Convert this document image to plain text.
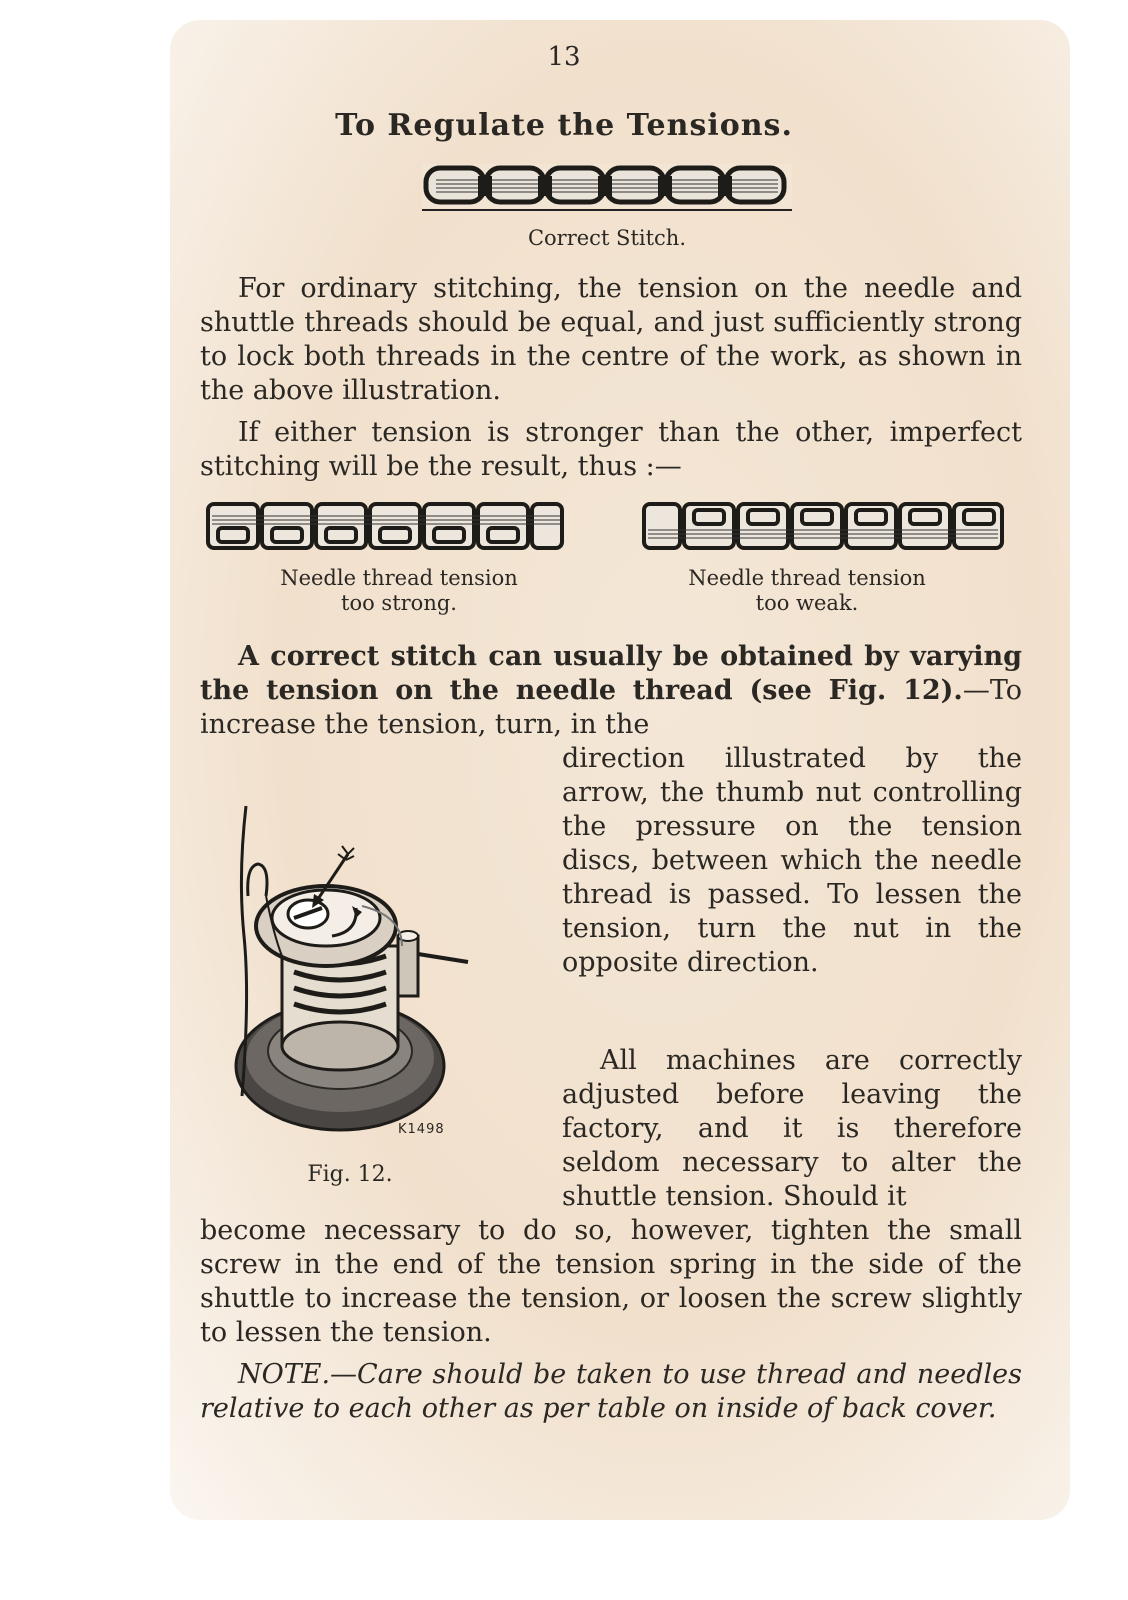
13
To Regulate the Tensions.
Correct Stitch.
For ordinary stitching, the tension on the needle and shuttle threads should be equal, and just sufficiently strong to lock both threads in the centre of the work, as shown in the above illustration.
If either tension is stronger than the other, imperfect stitching will be the result, thus :—
Needle thread tension
too strong.
Needle thread tension
too weak.
A correct stitch can usually be obtained by varying the tension on the needle thread (see Fig. 12).—To increase the tension, turn, in the
direction illustrated by the arrow, the thumb nut controlling the pressure on the tension discs, between which the needle thread is passed. To lessen the tension, turn the nut in the opposite direction.
K1498
Fig. 12.
All machines are correctly adjusted before leaving the factory, and it is therefore seldom necessary to alter the shuttle tension. Should it
become necessary to do so, however, tighten the small screw in the end of the tension spring in the side of the shuttle to increase the tension, or loosen the screw slightly to lessen the tension.
NOTE.—Care should be taken to use thread and needles relative to each other as per table on inside of back cover.
